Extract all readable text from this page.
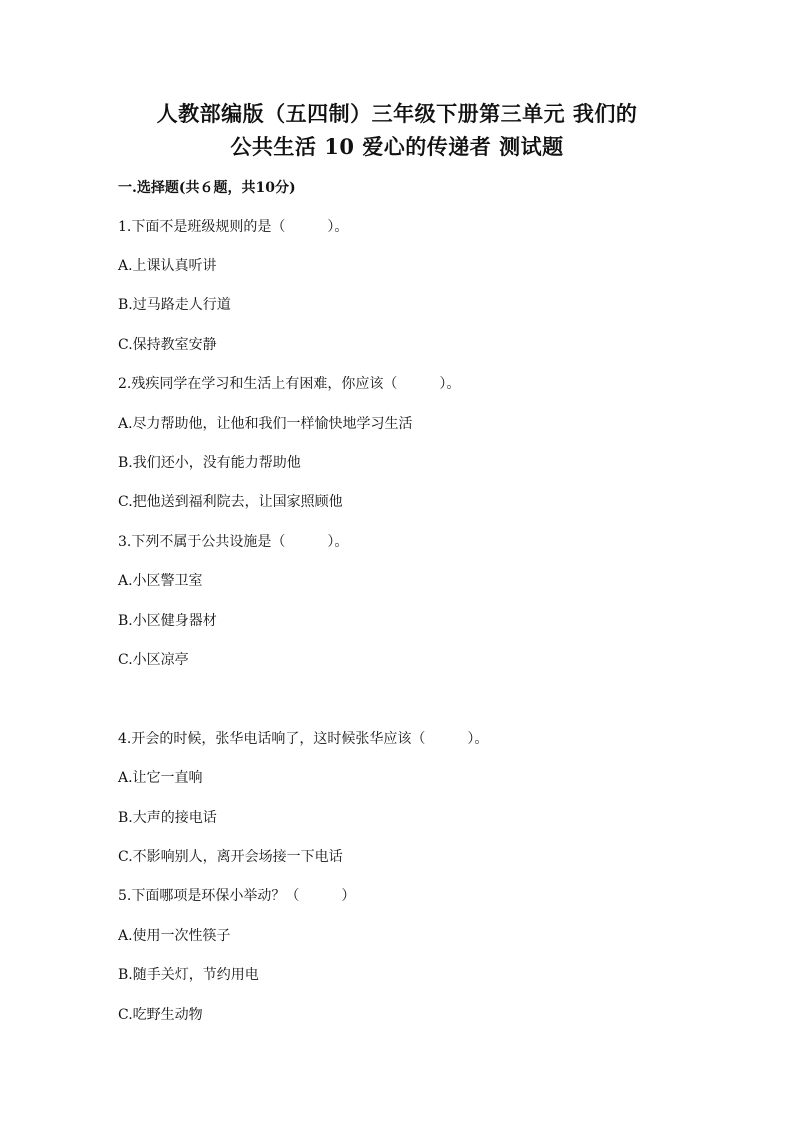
人教部编版（五四制）三年级下册第三单元 我们的
公共生活 10 爱心的传递者 测试题
一.选择题(共６题，共10分)
1.下面不是班级规则的是（　　　）。
A.上课认真听讲
B.过马路走人行道
C.保持教室安静
2.残疾同学在学习和生活上有困难，你应该（　　　）。
A.尽力帮助他，让他和我们一样愉快地学习生活
B.我们还小，没有能力帮助他
C.把他送到福利院去，让国家照顾他
3.下列不属于公共设施是（　　　）。
A.小区警卫室
B.小区健身器材
C.小区凉亭
4.开会的时候，张华电话响了，这时候张华应该（　　　）。
A.让它一直响
B.大声的接电话
C.不影响别人，离开会场接一下电话
5.下面哪项是环保小举动？（　　　）
A.使用一次性筷子
B.随手关灯，节约用电
C.吃野生动物
